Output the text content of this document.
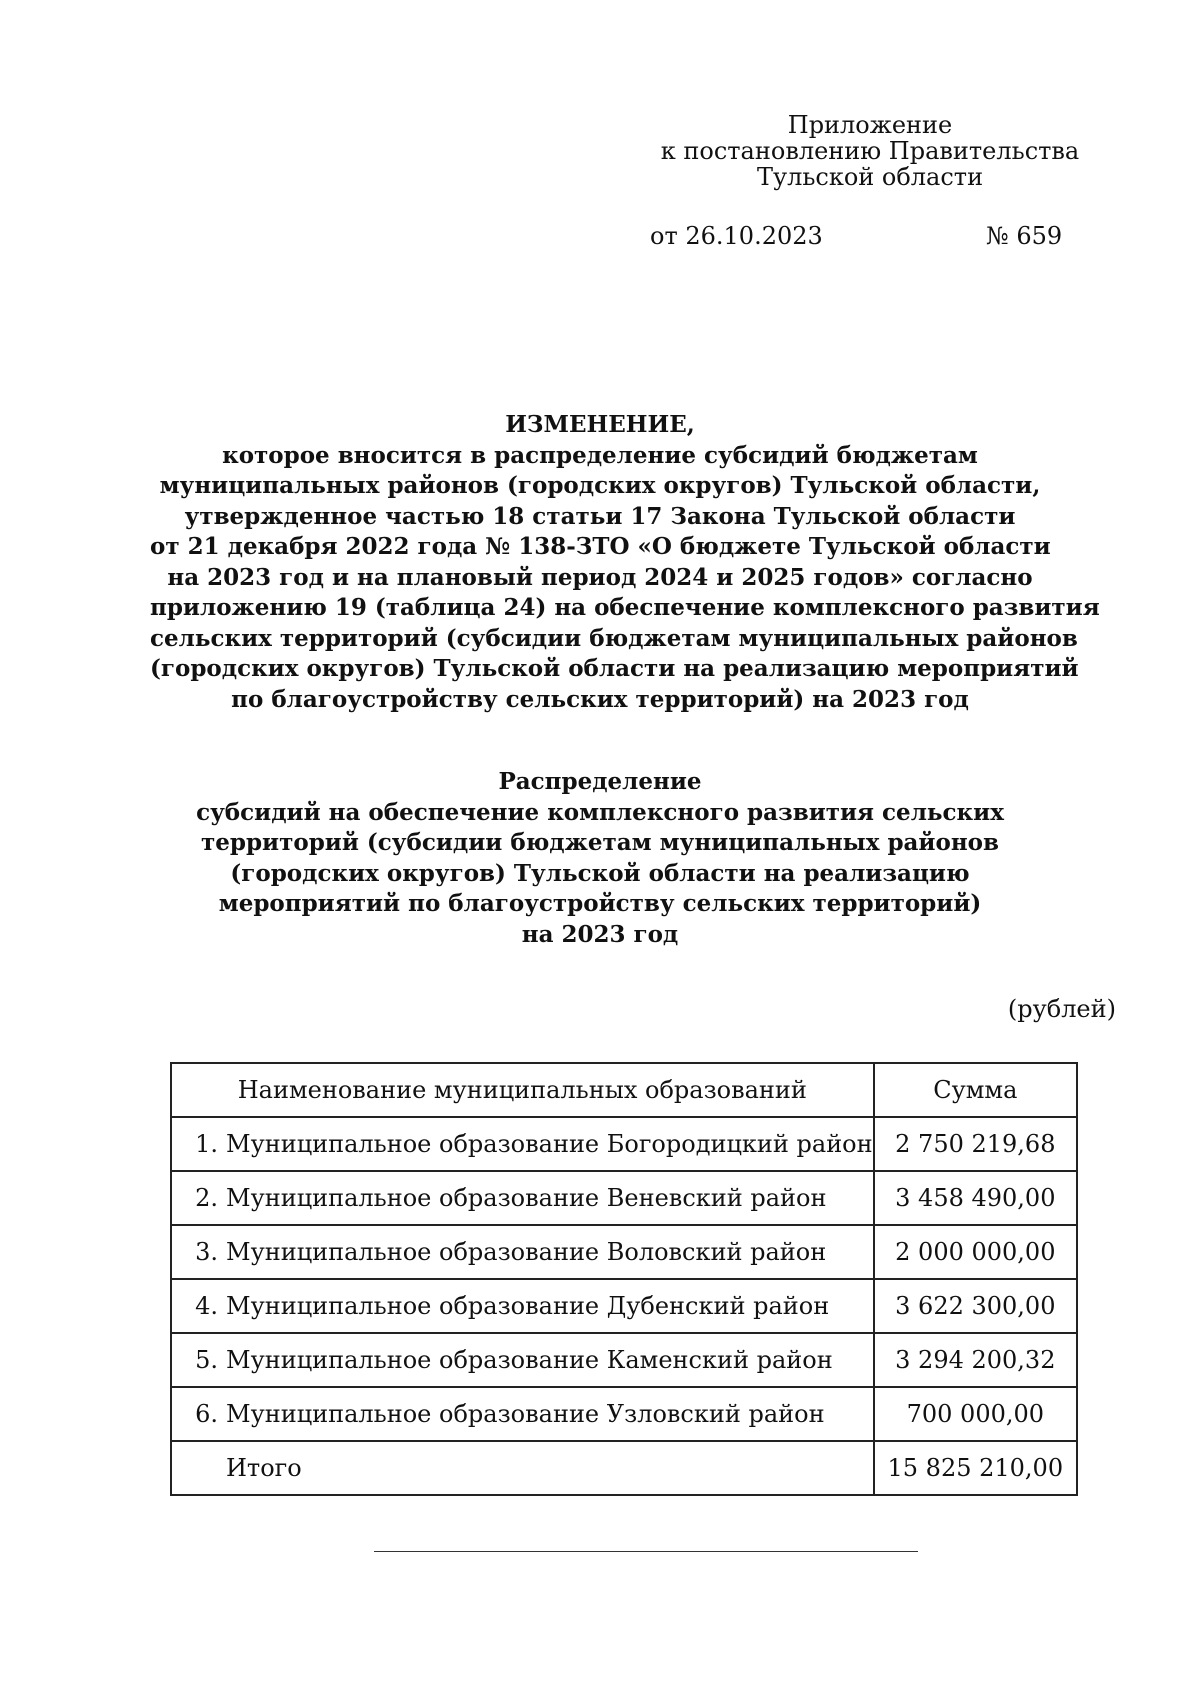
Приложение
к постановлению Правительства
Тульской области
от 26.10.2023	№ 659
ИЗМЕНЕНИЕ,
которое вносится в распределение субсидий бюджетам
муниципальных районов (городских округов) Тульской области,
утвержденное частью 18 статьи 17 Закона Тульской области
от 21 декабря 2022 года № 138-ЗТО «О бюджете Тульской области
на 2023 год и на плановый период 2024 и 2025 годов» согласно
приложению 19 (таблица 24) на обеспечение комплексного развития
сельских территорий (субсидии бюджетам муниципальных районов
(городских округов) Тульской области на реализацию мероприятий
по благоустройству сельских территорий) на 2023 год
Распределение
субсидий на обеспечение комплексного развития сельских
территорий (субсидии бюджетам муниципальных районов
(городских округов) Тульской области на реализацию
мероприятий по благоустройству сельских территорий)
на 2023 год
(рублей)
Наименование муниципальных образований	Сумма
1. Муниципальное образование Богородицкий район	2 750 219,68
2. Муниципальное образование Веневский район	3 458 490,00
3. Муниципальное образование Воловский район	2 000 000,00
4. Муниципальное образование Дубенский район	3 622 300,00
5. Муниципальное образование Каменский район	3 294 200,32
6. Муниципальное образование Узловский район	700 000,00
Итого	15 825 210,00
